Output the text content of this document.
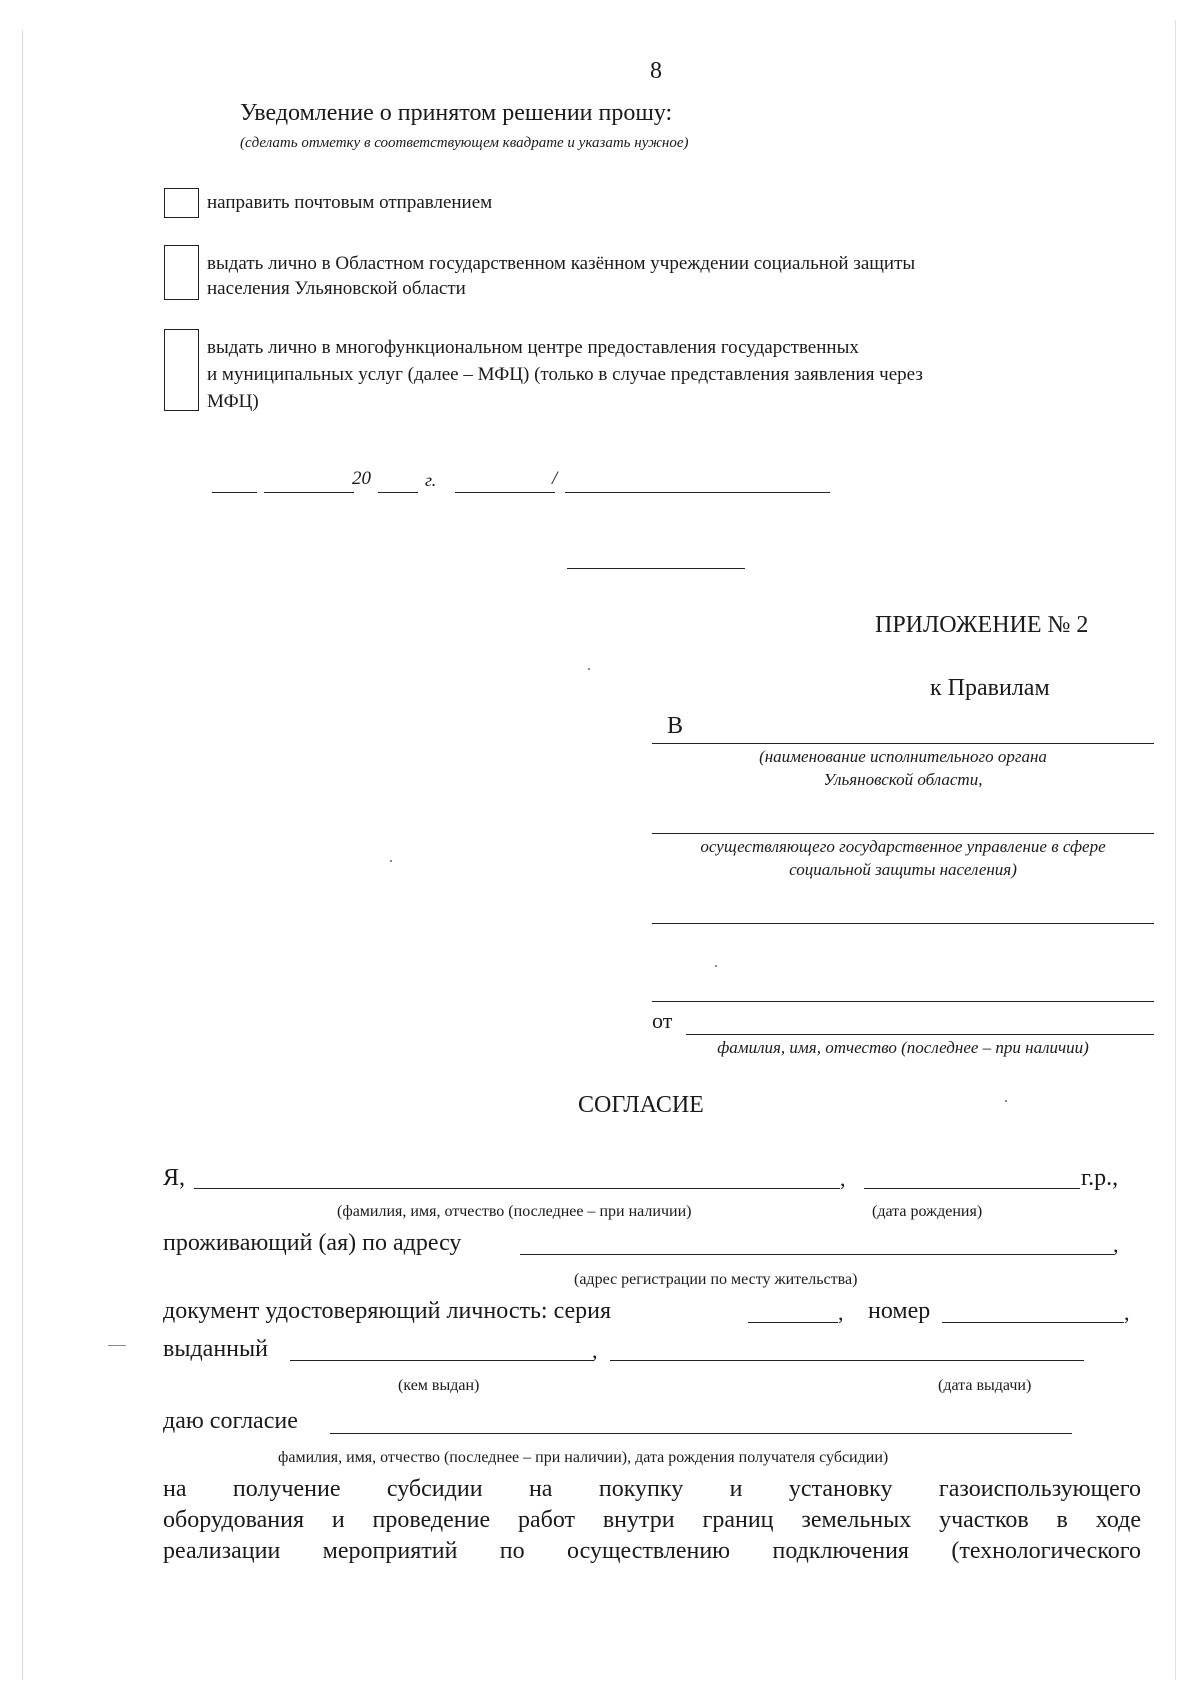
8
Уведомление о принятом решении прошу:
(сделать отметку в соответствующем квадрате и указать нужное)
направить почтовым отправлением
выдать лично в Областном государственном казённом учреждении социальной защиты
населения Ульяновской области
выдать лично в многофункциональном центре предоставления государственных
и муниципальных услуг (далее – МФЦ) (только в случае представления заявления через
МФЦ)
20	г.	/
ПРИЛОЖЕНИЕ № 2
к Правилам
В
(наименование исполнительного органа
Ульяновской области,
осуществляющего государственное управление в сфере
социальной защиты населения)
от
фамилия, имя, отчество (последнее – при наличии)
СОГЛАСИЕ
Я,	,	г.р.,
(фамилия, имя, отчество (последнее – при наличии)	(дата рождения)
проживающий (ая) по адресу	,
(адрес регистрации по месту жительства)
документ удостоверяющий личность: серия	, номер	,
выданный	,
(кем выдан)	(дата выдачи)
даю согласие
фамилия, имя, отчество (последнее – при наличии), дата рождения получателя субсидии)
на получение субсидии на покупку и установку газоиспользующего
оборудования и проведение работ внутри границ земельных участков в ходе
реализации мероприятий по осуществлению подключения (технологического
